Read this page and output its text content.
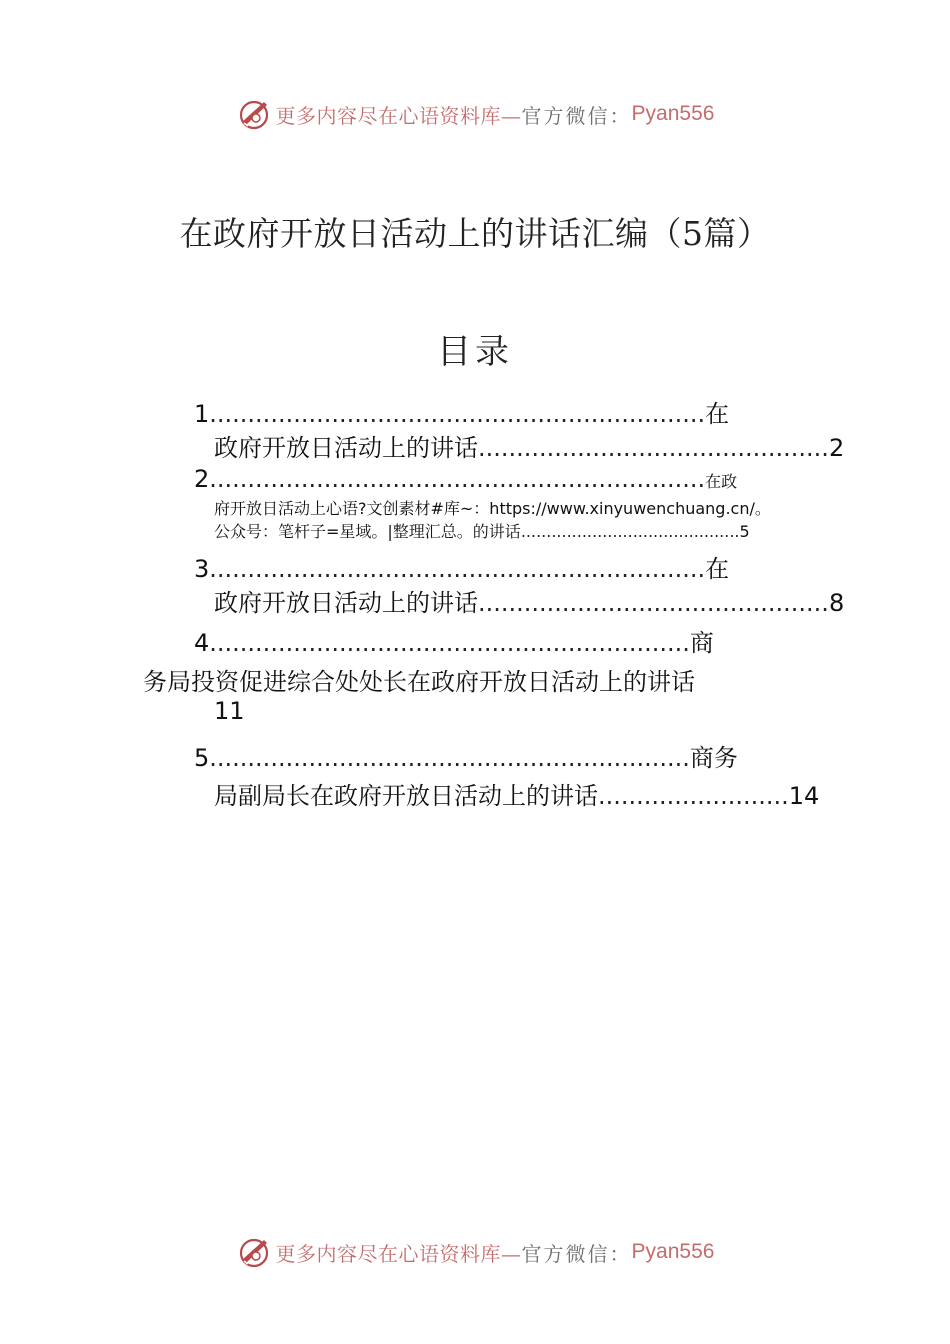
更多内容尽在心语资料库— 官方微信： Pyan556
在政府开放日活动上的讲话汇编（5篇）
目录
1.................................................................在
政府开放日活动上的讲话..............................................2
2.................................................................在政
府开放日活动上心语?文创素材#库~：https://www.xinyuwenchuang.cn/。
公众号：笔杆子=星域。|整理汇总。的讲话...........................................5
3.................................................................在
政府开放日活动上的讲话..............................................8
4...............................................................商
务局投资促进综合处处长在政府开放日活动上的讲话
11
5...............................................................商务
局副局长在政府开放日活动上的讲话.........................14
更多内容尽在心语资料库— 官方微信： Pyan556
